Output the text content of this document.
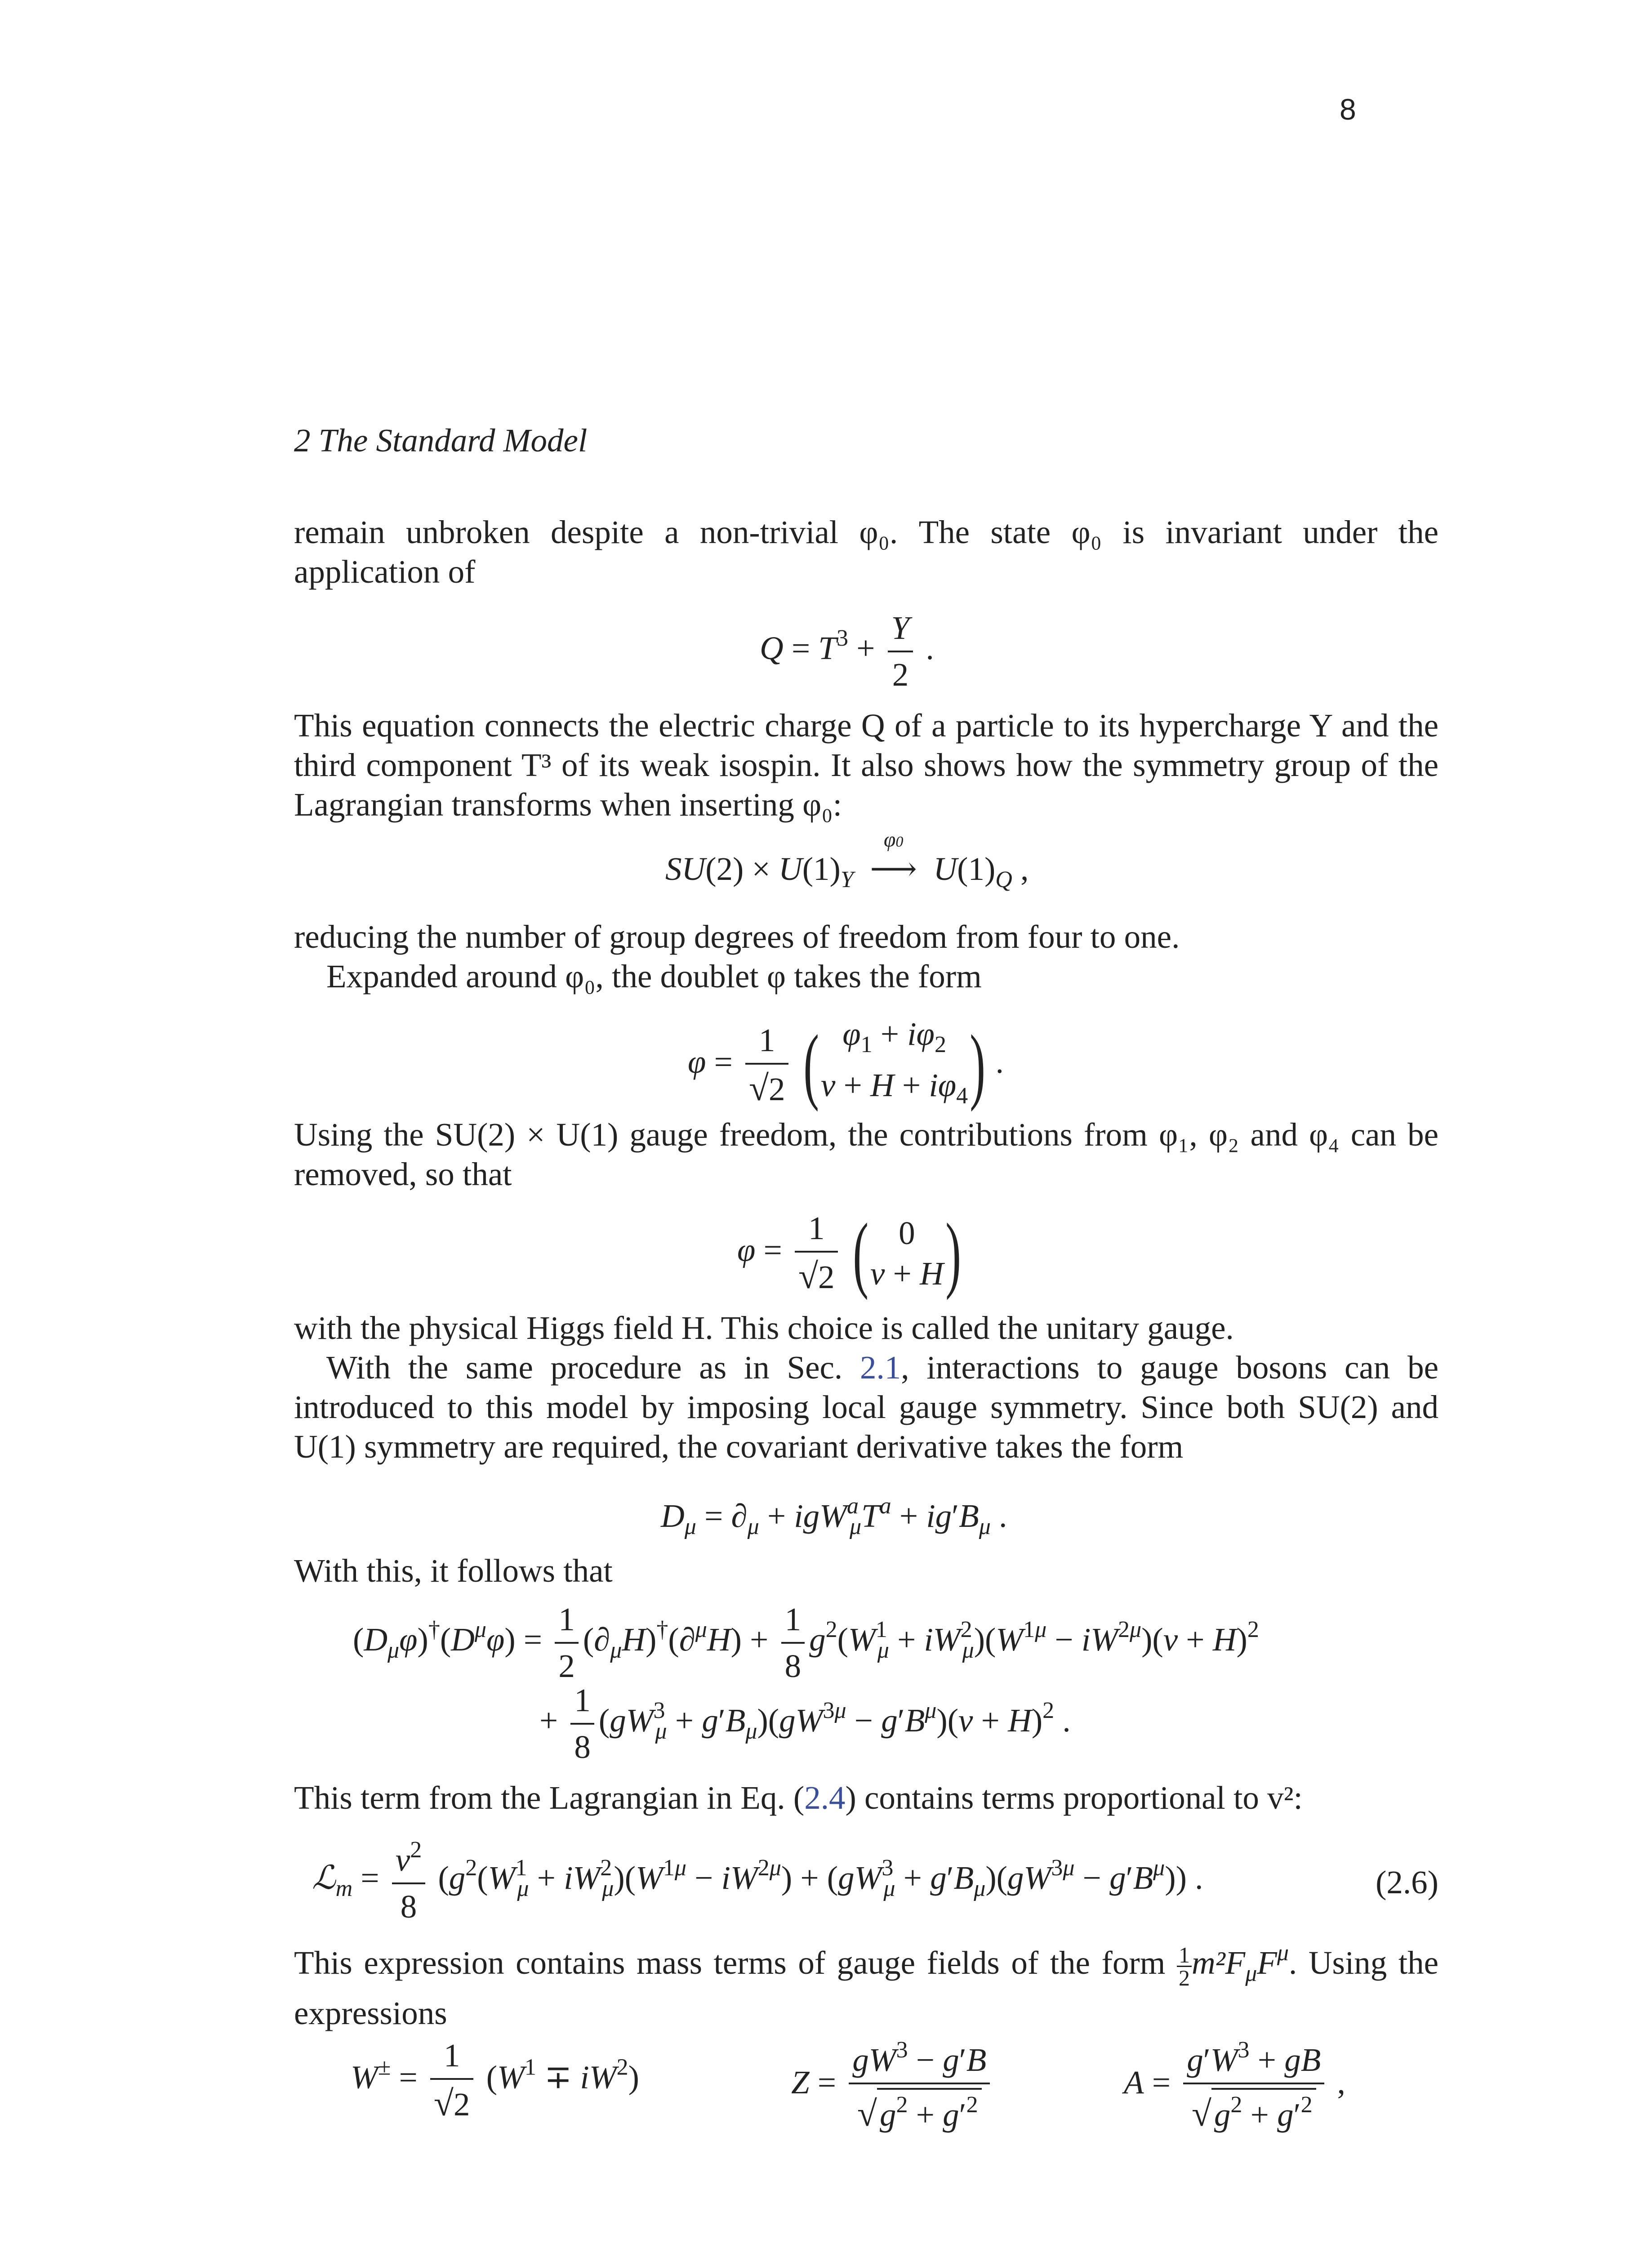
8
2 The Standard Model
remain unbroken despite a non-trivial φ₀. The state φ₀ is invariant under the application of
$Q = T^3 + \frac{Y}{2}$ .
This equation connects the electric charge Q of a particle to its hypercharge Y and the third component T³ of its weak isospin. It also shows how the symmetry group of the Lagrangian transforms when inserting φ₀:
$SU(2) \times U(1)_Y$
φ0
⟶  $U(1)_Q$ ,
reducing the number of group degrees of freedom from four to one.
Expanded around φ₀, the doublet φ takes the form
$\varphi = \frac{1}{√2}$ ( $\varphi_1 + i\varphi_2$
$v + H + i\varphi_4$ ) .
Using the SU(2) × U(1) gauge freedom, the contributions from φ₁, φ₂ and φ₄ can be removed, so that
$\varphi = \frac{1}{√2}$ ( 0
v + H )
with the physical Higgs field H. This choice is called the unitary gauge.
With the same procedure as in Sec. 2.1, interactions to gauge bosons can be introduced to this model by imposing local gauge symmetry. Since both SU(2) and U(1) symmetry are required, the covariant derivative takes the form
$D_\mu = \partial_\mu + igW^a_\mu T^a + ig'B_\mu$ .
With this, it follows that
$(D_\mu\varphi)^\dagger(D^\mu\varphi) = \frac{1}{2} (\partial_\mu H)^\dagger(\partial^\mu H) + \frac{1}{8} g^2(W^1_\mu + iW^2_\mu)(W^{1\mu} - iW^{2\mu})(v + H)^2$
+ $\frac{1}{8} (gW^3_\mu + g'B_\mu)(gW^{3\mu} - g'B^\mu)(v + H)^2$ .
This term from the Lagrangian in Eq. (2.4) contains terms proportional to v²:
ℒ$_m$ = $\frac{v^2}{8} (g^2(W^1_\mu + iW^2_\mu)(W^{1\mu} - iW^{2\mu}) + (gW^3_\mu + g'B_\mu)(gW^{3\mu} - g'B^\mu))$ .	(2.6)
This expression contains mass terms of gauge fields of the form $\frac{1}{2} m^2F_\mu F^\mu$. Using the expressions
$W^\pm = \frac{1}{√2} (W^1 \mp iW^2)$	$Z = \frac{gW^3 - g'B}{√g^2 + g'^2}$	$A = \frac{g'W^3 + gB}{√g^2 + g'^2}$ ,
